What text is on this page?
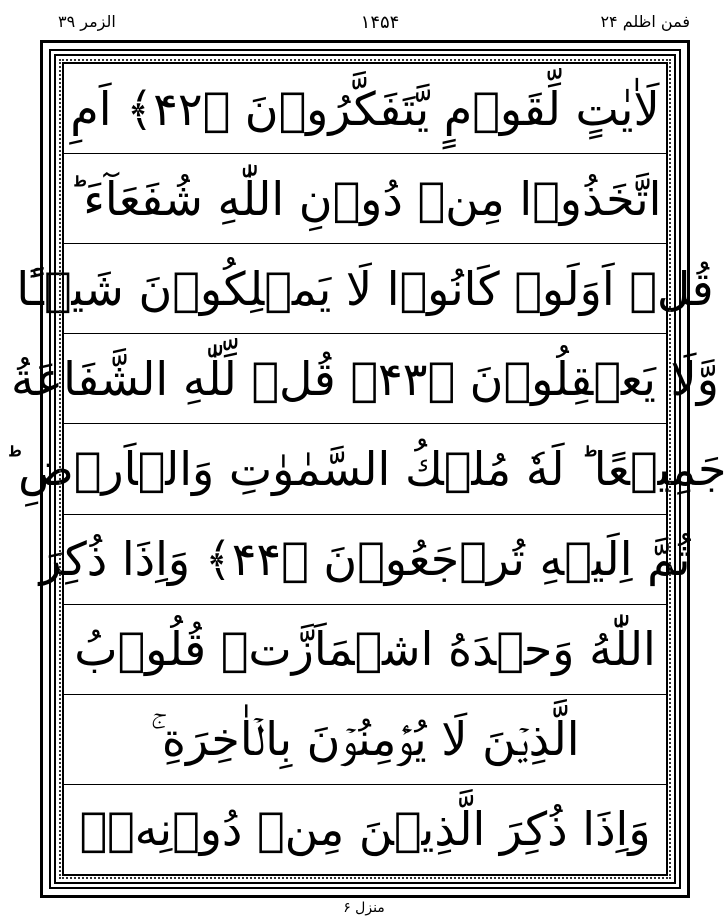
الزمر ۳۹	۱۴۵۴	فمن اظلم ۲۴
لَاٰيٰتٍ لِّقَوۡمٍ يَّتَفَكَّرُوۡنَ ﴿۴۲﴾ اَمِ
اتَّخَذُوۡا مِنۡ دُوۡنِ اللّٰهِ شُفَعَآءَ ؕ
قُلۡ اَوَلَوۡ كَانُوۡا لَا يَمۡلِكُوۡنَ شَيۡـًٔا
وَّلَا يَعۡقِلُوۡنَ ﴿۴۳﴾ قُلۡ لِّلّٰهِ الشَّفَاعَةُ
جَمِيۡعًا ؕ لَهٗ مُلۡكُ السَّمٰوٰتِ وَالۡاَرۡضِ ؕ
ثُمَّ اِلَيۡهِ تُرۡجَعُوۡنَ ﴿۴۴﴾ وَاِذَا ذُكِرَ
اللّٰهُ وَحۡدَهُ اشۡمَاَزَّتۡ قُلُوۡبُ
الَّذِيۡنَ لَا يُؤۡمِنُوۡنَ بِالۡاٰخِرَةِ ۚ
وَاِذَا ذُكِرَ الَّذِيۡنَ مِنۡ دُوۡنِهٖۤ
منزل ۶
